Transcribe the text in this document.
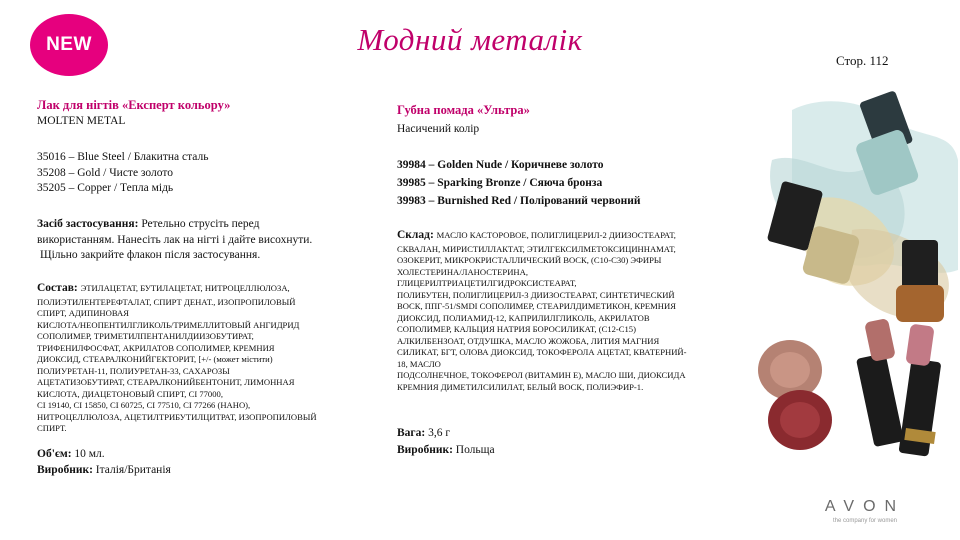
NEW	Модний металік
Стор. 112
Лак для нігтів «Експерт кольору»
MOLTEN METAL
35016 – Blue Steel / Блакитна сталь
35208 – Gold / Чисте золото
35205 – Copper / Тепла мідь
Засіб застосування: Ретельно струсіть перед
використанням. Нанесіть лак на нігті і дайте висохнути.
Щільно закрийте флакон після застосування.
Состав: ЭТИЛАЦЕТАТ, БУТИЛАЦЕТАТ, НИТРОЦЕЛЛЮЛОЗА,
ПОЛИЭТИЛЕНТЕРЕФТАЛАТ, СПИРТ ДЕНАТ., ИЗОПРОПИЛОВЫЙ
СПИРТ, АДИПИНОВАЯ
КИСЛОТА/НЕОПЕНТИЛГЛИКОЛЬ/ТРИМЕЛЛИТОВЫЙ АНГИДРИД
СОПОЛИМЕР, ТРИМЕТИЛПЕНТАНИЛДИИЗОБУТИРАТ,
ТРИФЕНИЛФОСФАТ, АКРИЛАТОВ СОПОЛИМЕР, КРЕМНИЯ
ДИОКСИД, СТЕАРАЛКОНИЙГЕКТОРИТ, [+/- (может містити)
ПОЛИУРЕТАН-11, ПОЛИУРЕТАН-33, САХАРОЗЫ
АЦЕТАТИЗОБУТИРАТ, СТЕАРАЛКОНИЙБЕНТОНИТ, ЛИМОННАЯ
КИСЛОТА, ДИАЦЕТОНОВЫЙ СПИРТ, CI 77000,
CI 19140, CI 15850, CI 60725, CI 77510, CI 77266 (НАНО),
НИТРОЦЕЛЛЮЛОЗА, АЦЕТИЛТРИБУТИЛЦИТРАТ, ИЗОПРОПИЛОВЫЙ
СПИРТ.
Об'єм: 10 мл.
Виробник: Італія/Британія
Губна помада «Ультра»
Насичений колір
39984 – Golden Nude / Коричневе золото
39985 – Sparking Bronze / Сяюча бронза
39983 – Burnished Red / Полірований червоний
Склад: МАСЛО КАСТОРОВОЕ, ПОЛИГЛИЦЕРИЛ-2 ДИИЗОСТЕАРАТ,
СКВАЛАН, МИРИСТИЛЛАКТАТ, ЭТИЛГЕКСИЛМЕТОКСИЦИННАМАТ,
ОЗОКЕРИТ, МИКРОКРИСТАЛЛИЧЕСКИЙ ВОСК, (C10-C30) ЭФИРЫ
ХОЛЕСТЕРИНА/ЛАНОСТЕРИНА,
ГЛИЦЕРИЛТРИАЦЕТИЛГИДРОКСИСТЕАРАТ,
ПОЛИБУТЕН, ПОЛИГЛИЦЕРИЛ-3 ДИИЗОСТЕАРАТ, СИНТЕТИЧЕСКИЙ
ВОСК, ППГ-51/SMDI СОПОЛИМЕР, СТЕАРИЛДИМЕТИКОН, КРЕМНИЯ
ДИОКСИД, ПОЛИАМИД-12, КАПРИЛИЛГЛИКОЛЬ, АКРИЛАТОВ
СОПОЛИМЕР, КАЛЬЦИЯ НАТРИЯ БОРОСИЛИКАТ, (C12-C15)
АЛКИЛБЕНЗОАТ, ОТДУШКА, МАСЛО ЖОЖОБА, ЛИТИЯ МАГНИЯ
СИЛИКАТ, БГТ, ОЛОВА ДИОКСИД, ТОКОФЕРОЛА АЦЕТАТ, КВАТЕРНИЙ-
18, МАСЛО
ПОДСОЛНЕЧНОЕ, ТОКОФЕРОЛ (ВИТАМИН E), МАСЛО ШИ, ДИОКСИДА
КРЕМНИЯ ДИМЕТИЛСИЛИЛАТ, БЕЛЫЙ ВОСК, ПОЛИЭФИР-1.
Вага: 3,6 г
Виробник: Польща
AVON
the company for women
